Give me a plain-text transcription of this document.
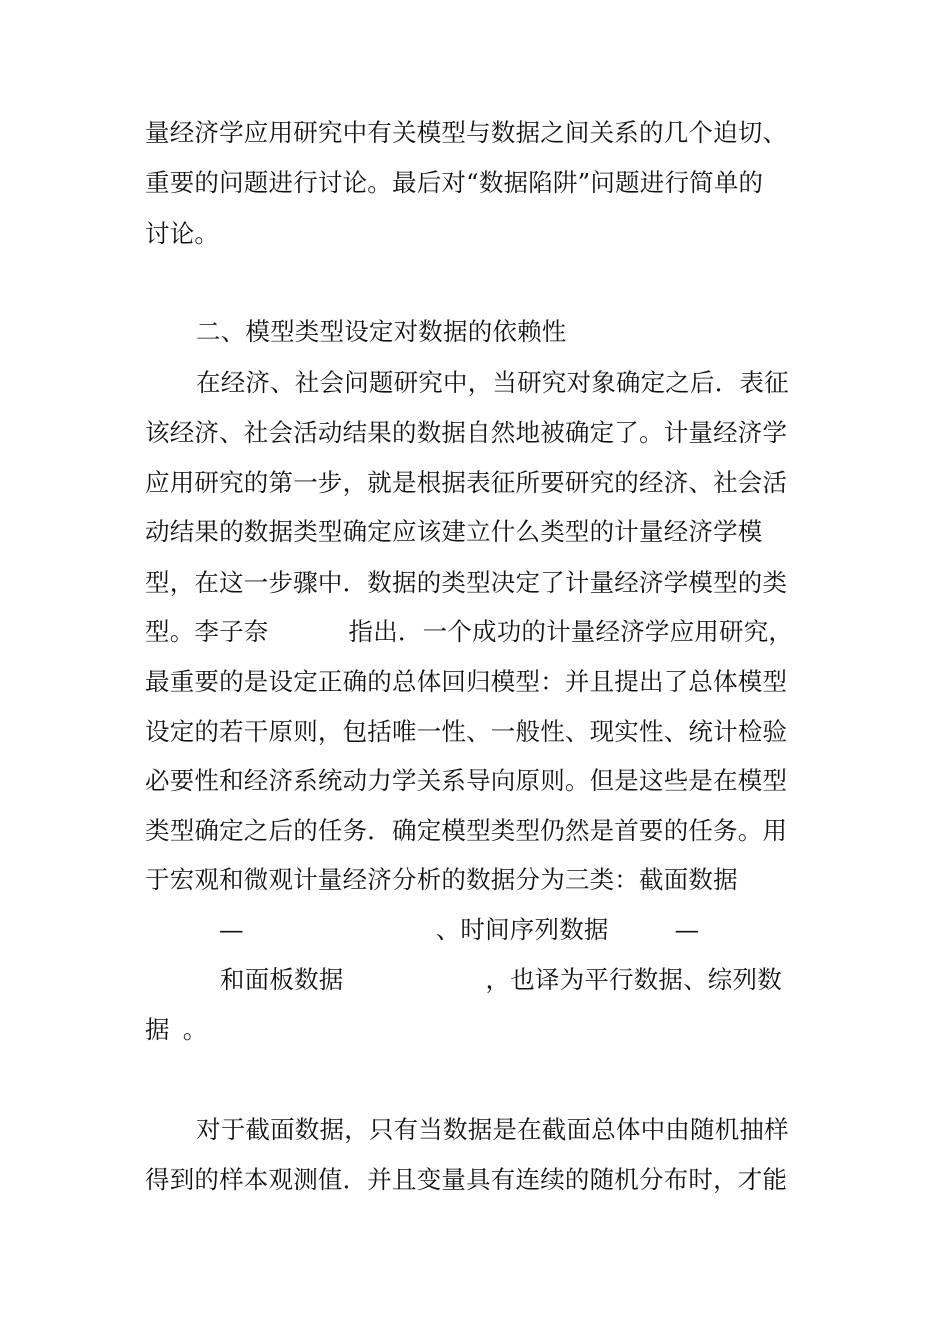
量经济学应用研究中有关模型与数据之间关系的几个迫切、
重要的问题进行讨论。最后对“数据陷阱”问题进行简单的
讨论。
二、模型类型设定对数据的依赖性
在经济、社会问题研究中，当研究对象确定之后．表征
该经济、社会活动结果的数据自然地被确定了。计量经济学
应用研究的第一步，就是根据表征所要研究的经济、社会活
动结果的数据类型确定应该建立什么类型的计量经济学模
型，在这一步骤中．数据的类型决定了计量经济学模型的类
型。李子奈	指出．一个成功的计量经济学应用研究，
最重要的是设定正确的总体回归模型：并且提出了总体模型
设定的若干原则，包括唯一性、一般性、现实性、统计检验
必要性和经济系统动力学关系导向原则。但是这些是在模型
类型确定之后的任务．确定模型类型仍然是首要的任务。用
于宏观和微观计量经济分析的数据分为三类：截面数据
—	、时间序列数据	—
和面板数据	，也译为平行数据、综列数
据 。
对于截面数据，只有当数据是在截面总体中由随机抽样
得到的样本观测值．并且变量具有连续的随机分布时，才能
